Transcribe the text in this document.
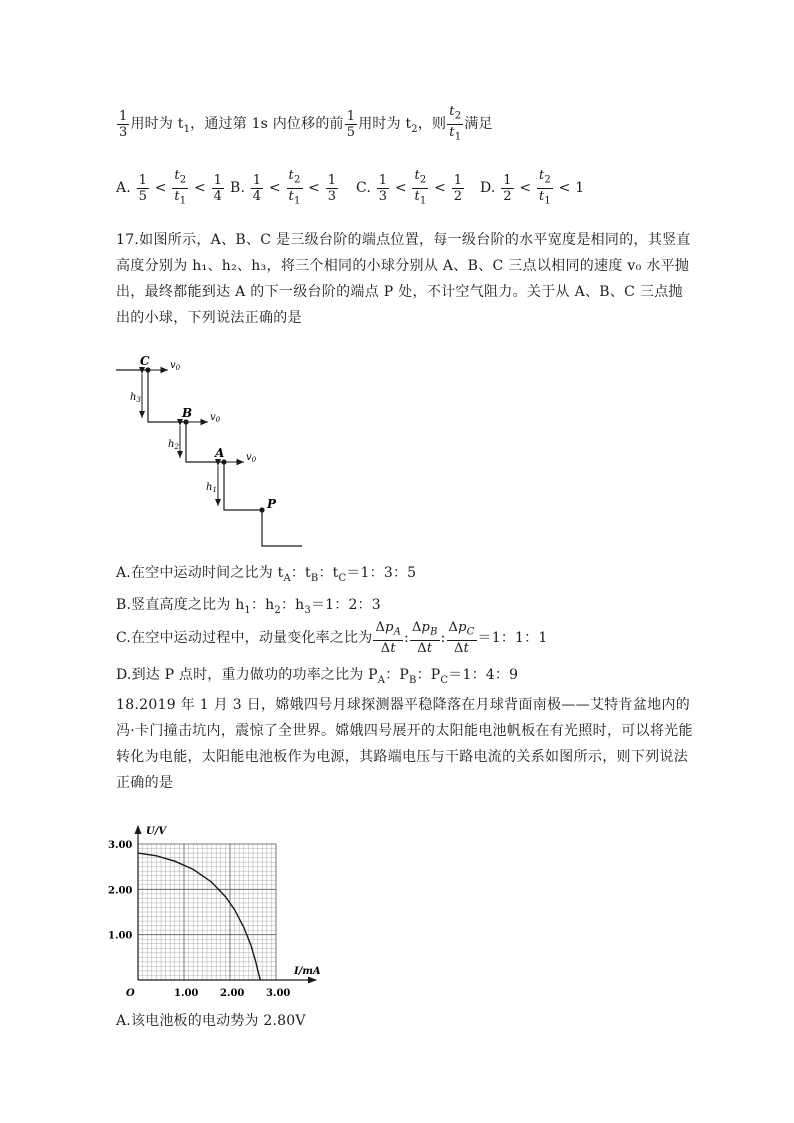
$\frac{1}{3}$ 用时为 $t_1$，通过第 1s 内位移的前 $\frac{1}{5}$ 用时为 $t_2$，则 $\frac{t_2}{t_1}$ 满足
A. $\frac{1}{5} < \frac{t_2}{t_1} < \frac{1}{4} B$. $\frac{1}{4} < \frac{t_2}{t_1} < \frac{1}{3} C$. $\frac{1}{3} < \frac{t_2}{t_1} < \frac{1}{2} D$. $\frac{1}{2} < \frac{t_2}{t_1} < 1$
17.如图所示，A、B、C 是三级台阶的端点位置，每一级台阶的水平宽度是相同的，其竖直高度分别为 h₁、h₂、h₃，将三个相同的小球分别从 A、B、C 三点以相同的速度 v₀ 水平抛出，最终都能到达 A 的下一级台阶的端点 P 处，不计空气阻力。关于从 A、B、C 三点抛出的小球，下列说法正确的是
C $v_0$
B $v_0$
A $v_0$
P
$h_3$
$h_2$
$h_1$
A.在空中运动时间之比为 $t_A$：$t_B$：$t_C=1$：3：5
B.竖直高度之比为 $h_1$：$h_2$：$h_3=1$：2：3
C.在空中运动过程中，动量变化率之比为 $\frac{\Delta p_A}{\Delta t}$ : $\frac{\Delta p_B}{\Delta t}$ : $\frac{\Delta p_C}{\Delta t} =1$：1：1
D.到达 P 点时，重力做功的功率之比为 $P_A$：$P_B$：$P_C=1$：4：9
18.2019 年 1 月 3 日，嫦娥四号月球探测器平稳降落在月球背面南极——艾特肯盆地内的冯·卡门撞击坑内，震惊了全世界。嫦娥四号展开的太阳能电池帆板在有光照时，可以将光能转化为电能，太阳能电池板作为电源，其路端电压与干路电流的关系如图所示，则下列说法正确的是
1.00 2.00 3.00
1.00
2.00
3.00
O
U/V
I/mA
A.该电池板的电动势为 2.80V
